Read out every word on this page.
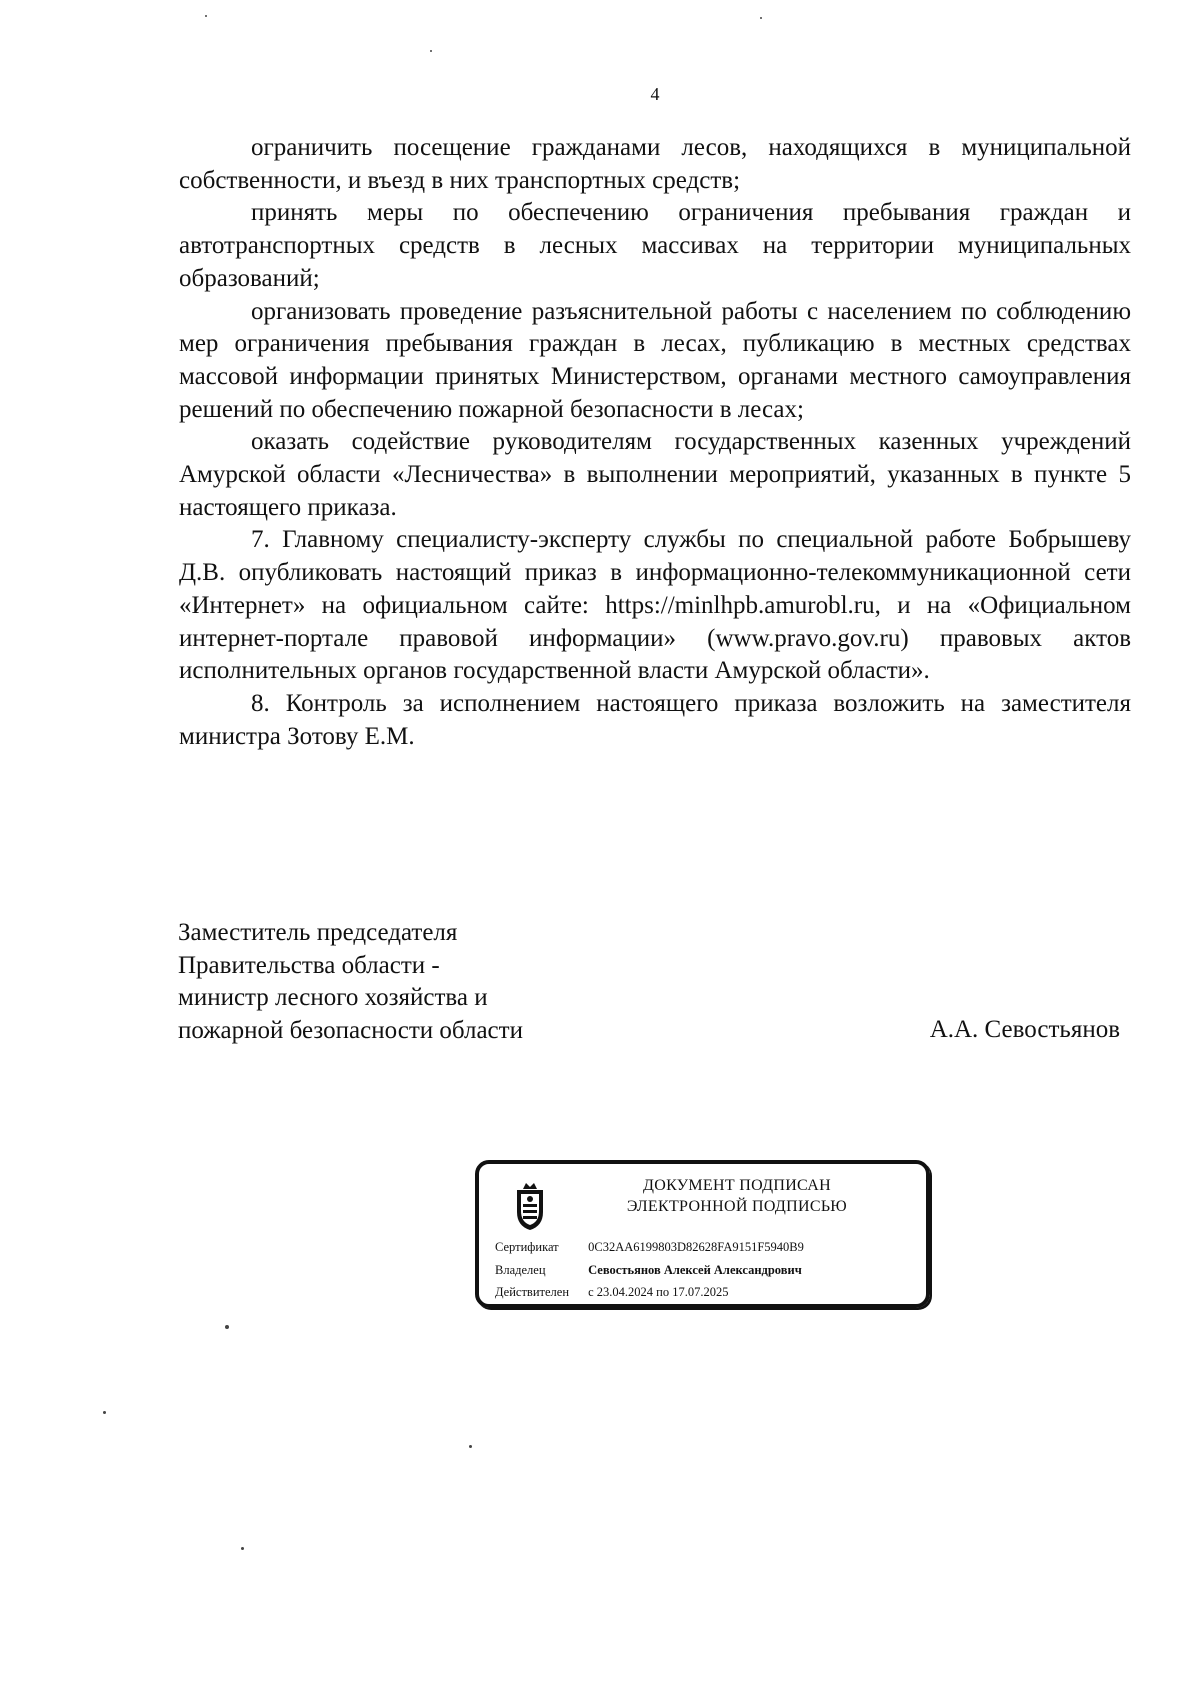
4

ограничить посещение гражданами лесов, находящихся в муниципальной собственности, и въезд в них транспортных средств;

принять меры по обеспечению ограничения пребывания граждан и автотранспортных средств в лесных массивах на территории муниципальных образований;

организовать проведение разъяснительной работы с населением по соблюдению мер ограничения пребывания граждан в лесах, публикацию в местных средствах массовой информации принятых Министерством, органами местного самоуправления решений по обеспечению пожарной безопасности в лесах;

оказать содействие руководителям государственных казенных учреждений Амурской области «Лесничества» в выполнении мероприятий, указанных в пункте 5 настоящего приказа.

7. Главному специалисту-эксперту службы по специальной работе Бобрышеву Д.В. опубликовать настоящий приказ в информационно-телекоммуникационной сети «Интернет» на официальном сайте: https://minlhpb.amurobl.ru, и на «Официальном интернет-портале правовой информации» (www.pravo.gov.ru) правовых актов исполнительных органов государственной власти Амурской области».

8. Контроль за исполнением настоящего приказа возложить на заместителя министра Зотову Е.М.

Заместитель председателя
Правительства области -
министр лесного хозяйства и
пожарной безопасности области	А.А. Севостьянов
ДОКУМЕНТ ПОДПИСАН
ЭЛЕКТРОННОЙ ПОДПИСЬЮ
Сертификат 0C32AA6199803D82628FA9151F5940B9
Владелец	Севостьянов Алексей Александрович
Действителен с 23.04.2024 по 17.07.2025
